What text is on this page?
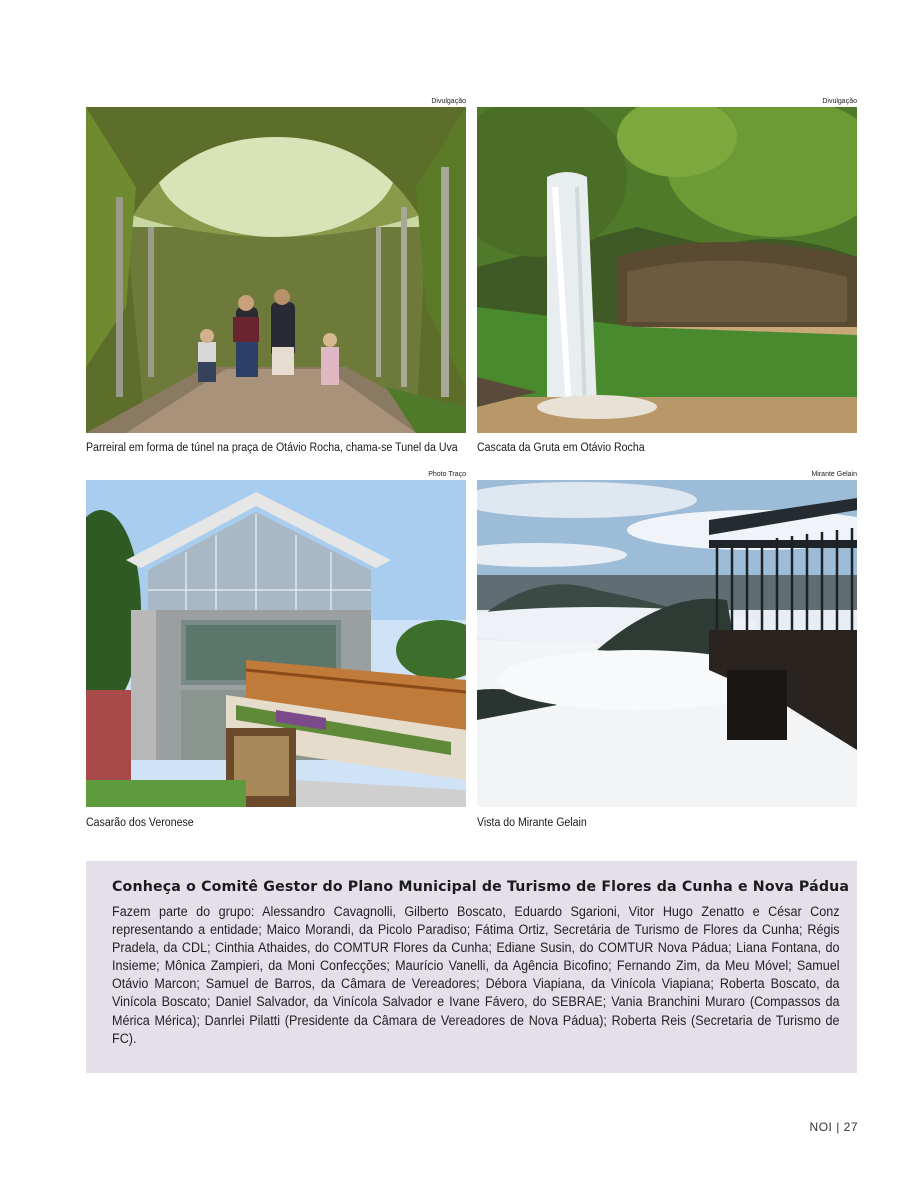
Divulgação
Parreiral em forma de túnel na praça de Otávio Rocha, chama-se Tunel da Uva
Divulgação
Cascata da Gruta em Otávio Rocha
Photo Traço
Casarão dos Veronese
Mirante Gelain
Vista do Mirante Gelain
Conheça o Comitê Gestor do Plano Municipal de Turismo de Flores da Cunha e Nova Pádua

Fazem parte do grupo: Alessandro Cavagnolli, Gilberto Boscato, Eduardo Sgarioni, Vitor Hugo Zenatto e César Conz representando a entidade; Maico Morandi, da Picolo Paradiso; Fátima Ortiz, Secretária de Turismo de Flores da Cunha; Régis Pradela, da CDL; Cinthia Athaides, do COMTUR Flores da Cunha; Ediane Susin, do COMTUR Nova Pádua; Liana Fontana, do Insieme; Mônica Zampieri, da Moni Confecções; Maurício Vanelli, da Agência Bicofino; Fernando Zim, da Meu Móvel; Samuel Otávio Marcon; Samuel de Barros, da Câmara de Vereadores; Débora Viapiana, da Vinícola Viapiana; Roberta Boscato, da Vinícola Boscato; Daniel Salvador, da Vinícola Salvador e Ivane Fávero, do SEBRAE; Vania Branchini Muraro (Compassos da Mérica Mérica); Danrlei Pilatti (Presidente da Câmara de Vereadores de Nova Pádua); Roberta Reis (Secretaria de Turismo de FC).

NOI | 27
